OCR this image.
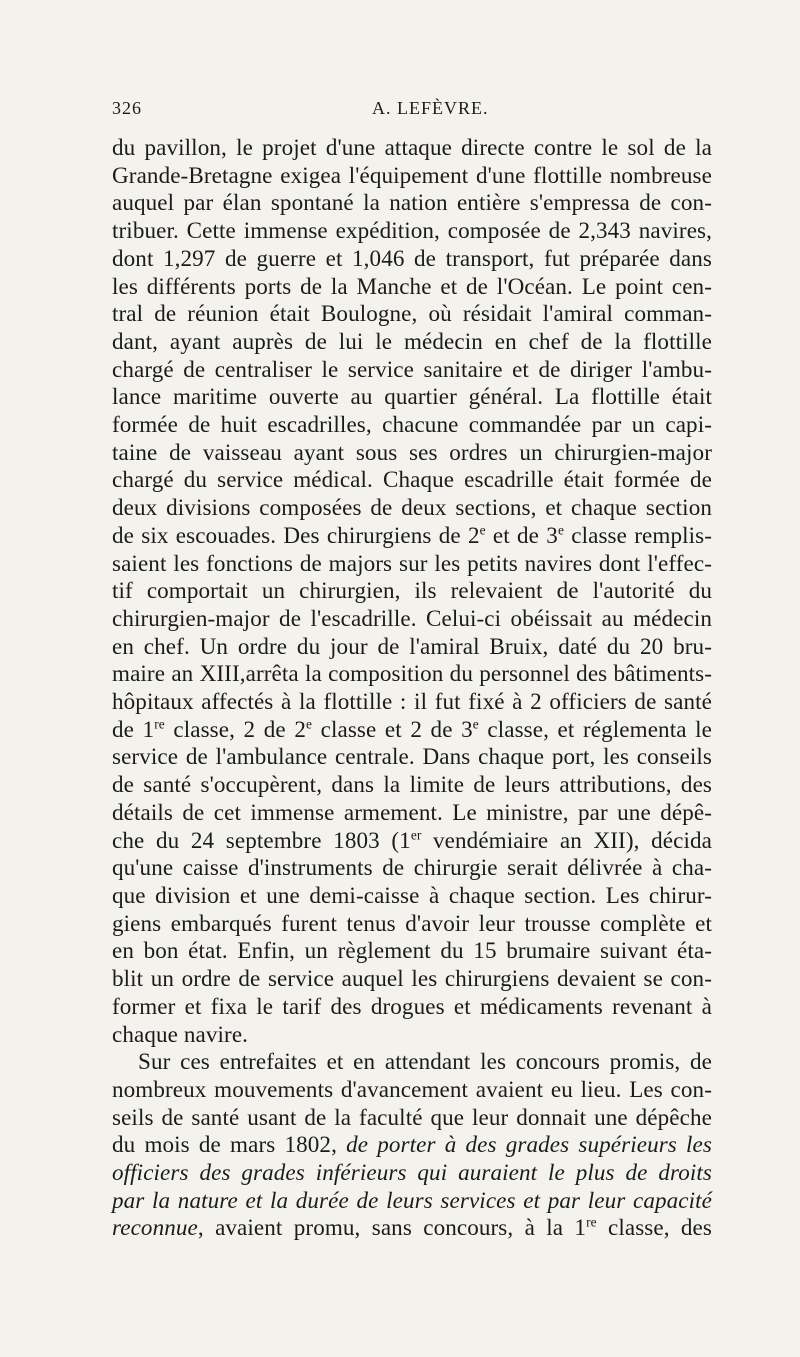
326	A. LEFÈVRE.

du pavillon, le projet d'une attaque directe contre le sol de la

Grande-Bretagne exigea l'équipement d'une flottille nombreuse

auquel par élan spontané la nation entière s'empressa de con-

tribuer. Cette immense expédition, composée de 2,343 navires,

dont 1,297 de guerre et 1,046 de transport, fut préparée dans

les différents ports de la Manche et de l'Océan. Le point cen-

tral de réunion était Boulogne, où résidait l'amiral comman-

dant, ayant auprès de lui le médecin en chef de la flottille

chargé de centraliser le service sanitaire et de diriger l'ambu-

lance maritime ouverte au quartier général. La flottille était

formée de huit escadrilles, chacune commandée par un capi-

taine de vaisseau ayant sous ses ordres un chirurgien-major

chargé du service médical. Chaque escadrille était formée de

deux divisions composées de deux sections, et chaque section

de six escouades. Des chirurgiens de 2e et de 3e classe remplis-

saient les fonctions de majors sur les petits navires dont l'effec-

tif comportait un chirurgien, ils relevaient de l'autorité du

chirurgien-major de l'escadrille. Celui-ci obéissait au médecin

en chef. Un ordre du jour de l'amiral Bruix, daté du 20 bru-

maire an XIII,arrêta la composition du personnel des bâtiments-

hôpitaux affectés à la flottille : il fut fixé à 2 officiers de santé

de 1re classe, 2 de 2e classe et 2 de 3e classe, et réglementa le

service de l'ambulance centrale. Dans chaque port, les conseils

de santé s'occupèrent, dans la limite de leurs attributions, des

détails de cet immense armement. Le ministre, par une dépê-

che du 24 septembre 1803 (1er vendémiaire an XII), décida

qu'une caisse d'instruments de chirurgie serait délivrée à cha-

que division et une demi-caisse à chaque section. Les chirur-

giens embarqués furent tenus d'avoir leur trousse complète et

en bon état. Enfin, un règlement du 15 brumaire suivant éta-

blit un ordre de service auquel les chirurgiens devaient se con-

former et fixa le tarif des drogues et médicaments revenant à

chaque navire.

Sur ces entrefaites et en attendant les concours promis, de

nombreux mouvements d'avancement avaient eu lieu. Les con-

seils de santé usant de la faculté que leur donnait une dépêche

du mois de mars 1802, de porter à des grades supérieurs les

officiers des grades inférieurs qui auraient le plus de droits

par la nature et la durée de leurs services et par leur capacité

reconnue, avaient promu, sans concours, à la 1re classe, des
